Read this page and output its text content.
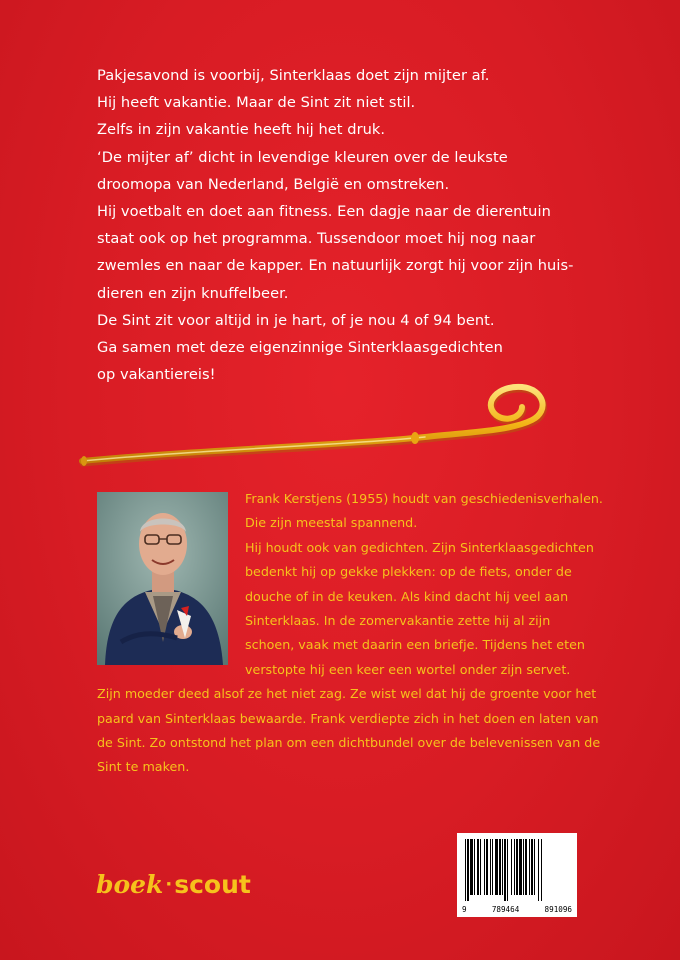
Pakjesavond is voorbij, Sinterklaas doet zijn mijter af.

Hij heeft vakantie. Maar de Sint zit niet stil.

Zelfs in zijn vakantie heeft hij het druk.

‘De mijter af’ dicht in levendige kleuren over de leukste

droomopa van Nederland, België en omstreken.

Hij voetbalt en doet aan fitness. Een dagje naar de dierentuin

staat ook op het programma. Tussendoor moet hij nog naar

zwemles en naar de kapper. En natuurlijk zorgt hij voor zijn huis-

dieren en zijn knuffelbeer.

De Sint zit voor altijd in je hart, of je nou 4 of 94 bent.

Ga samen met deze eigenzinnige Sinterklaasgedichten

op vakantiereis!

Frank Kerstjens (1955) houdt van geschiedenisverhalen.

Die zijn meestal spannend.

Hij houdt ook van gedichten. Zijn Sinterklaasgedichten

bedenkt hij op gekke plekken: op de fiets, onder de

douche of in de keuken. Als kind dacht hij veel aan

Sinterklaas. In de zomervakantie zette hij al zijn

schoen, vaak met daarin een briefje. Tijdens het eten

verstopte hij een keer een wortel onder zijn servet.

Zijn moeder deed alsof ze het niet zag. Ze wist wel dat hij de groente voor het

paard van Sinterklaas bewaarde. Frank verdiepte zich in het doen en laten van

de Sint. Zo ontstond het plan om een dichtbundel over de belevenissen van de

Sint te maken.

boek ·scout
9	789464	891096
